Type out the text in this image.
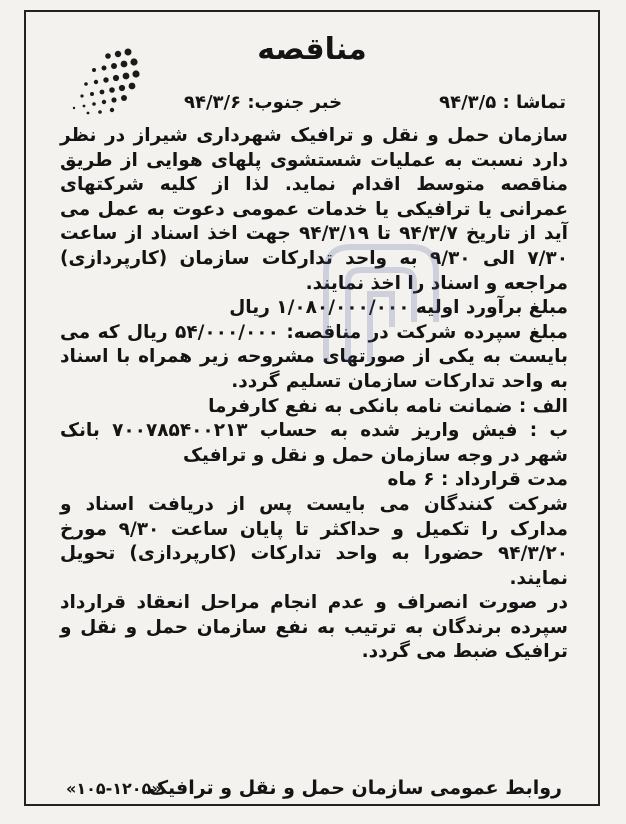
مناقصه
تماشا : ۹۴/۳/۵
خبر جنوب: ۹۴/۳/۶

سازمان حمل و نقل و ترافیک شهرداری شیراز در نظر دارد نسبت به عملیات شستشوی پلهای هوایی از طریق مناقصه متوسط اقدام نماید. لذا از کلیه شرکتهای عمرانی یا ترافیکی یا خدمات عمومی دعوت به عمل می آید از تاریخ ۹۴/۳/۷ تا ۹۴/۳/۱۹ جهت اخذ اسناد از ساعت ۷/۳۰ الی ۹/۳۰ به واحد تدارکات سازمان (کارپردازی) مراجعه و اسناد را اخذ نمایند.

مبلغ برآورد اولیه ۱/۰۸۰/۰۰۰/۰۰۰ ریال

مبلغ سپرده شرکت در مناقصه: ۵۴/۰۰۰/۰۰۰ ریال که می بایست به یکی از صورتهای مشروحه زیر همراه با اسناد به واحد تدارکات سازمان تسلیم گردد.

الف : ضمانت نامه بانکی به نفع کارفرما

ب : فیش واریز شده به حساب ۷۰۰۷۸۵۴۰۰۲۱۳ بانک شهر در وجه سازمان حمل و نقل و ترافیک

مدت قرارداد : ۶ ماه

شرکت کنندگان می بایست پس از دریافت اسناد و مدارک را تکمیل و حداکثر تا پایان ساعت ۹/۳۰ مورخ ۹۴/۳/۲۰ حضورا به واحد تدارکات (کارپردازی) تحویل نمایند.

در صورت انصراف و عدم انجام مراحل انعقاد قرارداد سپرده برندگان به ترتیب به نفع سازمان حمل و نقل و ترافیک ضبط می گردد.

روابط عمومی سازمان حمل و نقل و ترافیک
«۱۰۵-۱۲۰۵»
